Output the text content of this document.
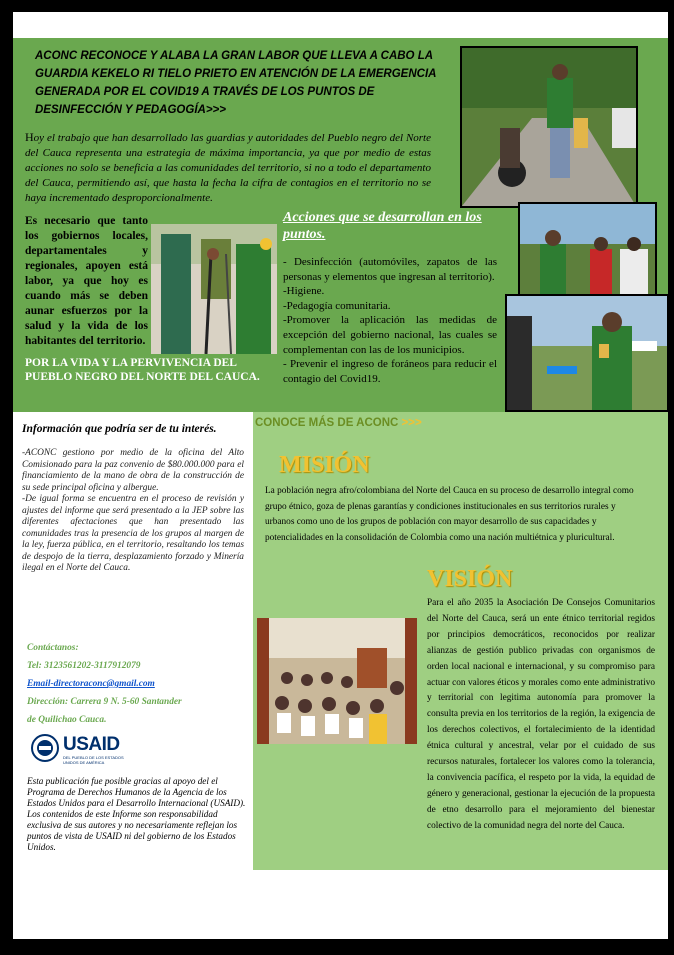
ACONC RECONOCE Y ALABA LA GRAN LABOR QUE LLEVA A CABO LA GUARDIA KEKELO RI TIELO PRIETO EN ATENCIÓN DE LA EMERGENCIA GENERADA POR EL COVID19 A TRAVÉS DE LOS PUNTOS DE DESINFECCIÓN Y PEDAGOGÍA>>>
Hoy el trabajo que han desarrollado las guardias y autoridades del Pueblo negro del Norte del Cauca representa una estrategia de máxima importancia, ya que por medio de estas acciones no solo se beneficia a las comunidades del territorio, si no a todo el departamento del Cauca, permitiendo así, que hasta la fecha la cifra de contagios en el territorio no se haya incrementado desproporcionalmente.
Es necesario que tanto los gobiernos locales, departamentales y regionales, apoyen está labor, ya que hoy es cuando más se deben aunar esfuerzos por la salud y la vida de los habitantes del territorio.
POR LA VIDA Y LA PERVIVENCIA DEL PUEBLO NEGRO DEL NORTE DEL CAUCA.
Acciones que se desarrollan en los puntos.
- Desinfección (automóviles, zapatos de las personas y elementos que ingresan al territorio).
-Higiene.
-Pedagogía comunitaria.
-Promover la aplicación las medidas de excepción del gobierno nacional, las cuales se complementan con las de los municipios.
- Prevenir el ingreso de foráneos para reducir el contagio del Covid19.
Información que podría ser de tu interés.
-ACONC gestiono por medio de la oficina del Alto Comisionado para la paz convenio de $80.000.000 para el financiamiento de la mano de obra de la construcción de su sede principal oficina y albergue.
-De igual forma se encuentra en el proceso de revisión y ajustes del informe que será presentado a la JEP sobre las diferentes afectaciones que han presentado las comunidades tras la presencia de los grupos al margen de la ley, fuerza pública, en el territorio, resaltando los temas de despojo de la tierra, desplazamiento forzado y Minería ilegal en el Norte del Cauca.
Contáctanos:
Tel: 3123561202-3117912079
Email-directoraconc@gmail.com
Dirección: Carrera 9 N. 5-60 Santander
de Quilichao Cauca.
USAID
DEL PUEBLO DE LOS ESTADOS UNIDOS DE AMÉRICA
Esta publicación fue posible gracias al apoyo del el Programa de Derechos Humanos de la Agencia de los Estados Unidos para el Desarrollo Internacional (USAID). Los contenidos de este Informe son responsabilidad exclusiva de sus autores y no necesariamente reflejan los puntos de vista de USAID ni del gobierno de los Estados Unidos.
CONOCE MÁS DE ACONC >>>
MISIÓN
La población negra afro/colombiana del Norte del Cauca en su proceso de desarrollo integral como grupo étnico, goza de plenas garantías y condiciones institucionales en sus territorios rurales y urbanos como uno de los grupos de población con mayor desarrollo de sus capacidades y potencialidades en la consolidación de Colombia como una nación multiétnica y pluricultural.
VISIÓN
Para el año 2035 la Asociación De Consejos Comunitarios del Norte del Cauca, será un ente étnico territorial regidos por principios democráticos, reconocidos por realizar alianzas de gestión publico privadas con organismos de orden local nacional e internacional, y su compromiso para actuar con valores éticos y morales como ente administrativo y territorial con legitima autonomía para promover la consulta previa en los territorios de la región, la exigencia de los derechos colectivos, el fortalecimiento de la identidad étnica cultural y ancestral, velar por el cuidado de sus recursos naturales, fortalecer los valores como la tolerancia, la convivencia pacífica, el respeto por la vida, la equidad de género y generacional, gestionar la ejecución de la propuesta de etno desarrollo para el mejoramiento del bienestar colectivo de la comunidad negra del norte del Cauca.
